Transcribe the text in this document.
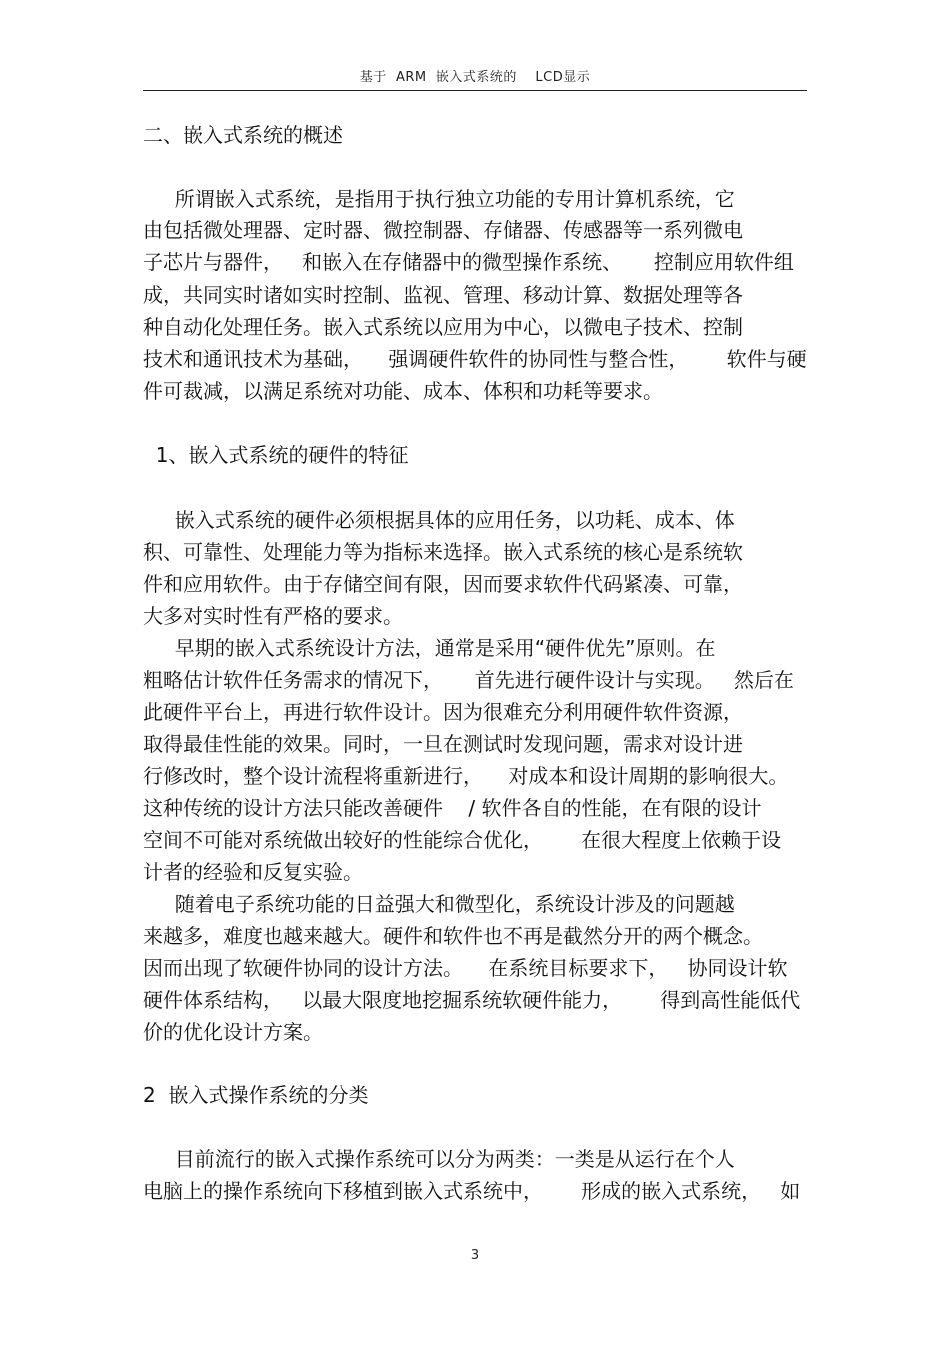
基于  ARM  嵌入式系统的    LCD显示
二、嵌入式系统的概述
所谓嵌入式系统，是指用于执行独立功能的专用计算机系统，它
由包括微处理器、定时器、微控制器、存储器、传感器等一系列微电
子芯片与器件，   和嵌入在存储器中的微型操作系统、     控制应用软件组
成，共同实时诸如实时控制、监视、管理、移动计算、数据处理等各
种自动化处理任务。嵌入式系统以应用为中心，以微电子技术、控制
技术和通讯技术为基础，    强调硬件软件的协同性与整合性，      软件与硬
件可裁减，以满足系统对功能、成本、体积和功耗等要求。
1、嵌入式系统的硬件的特征
嵌入式系统的硬件必须根据具体的应用任务，以功耗、成本、体
积、可靠性、处理能力等为指标来选择。嵌入式系统的核心是系统软
件和应用软件。由于存储空间有限，因而要求软件代码紧凑、可靠，
大多对实时性有严格的要求。
早期的嵌入式系统设计方法，通常是采用“硬件优先”原则。在
粗略估计软件任务需求的情况下，     首先进行硬件设计与实现。   然后在
此硬件平台上，再进行软件设计。因为很难充分利用硬件软件资源，
取得最佳性能的效果。同时，一旦在测试时发现问题，需求对设计进
行修改时，整个设计流程将重新进行，    对成本和设计周期的影响很大。
这种传统的设计方法只能改善硬件    / 软件各自的性能，在有限的设计
空间不可能对系统做出较好的性能综合优化，      在很大程度上依赖于设
计者的经验和反复实验。
随着电子系统功能的日益强大和微型化，系统设计涉及的问题越
来越多，难度也越来越大。硬件和软件也不再是截然分开的两个概念。
因而出现了软硬件协同的设计方法。    在系统目标要求下，   协同设计软
硬件体系结构，   以最大限度地挖掘系统软硬件能力，      得到高性能低代
价的优化设计方案。
2  嵌入式操作系统的分类
目前流行的嵌入式操作系统可以分为两类：一类是从运行在个人
电脑上的操作系统向下移植到嵌入式系统中，      形成的嵌入式系统，   如
3
